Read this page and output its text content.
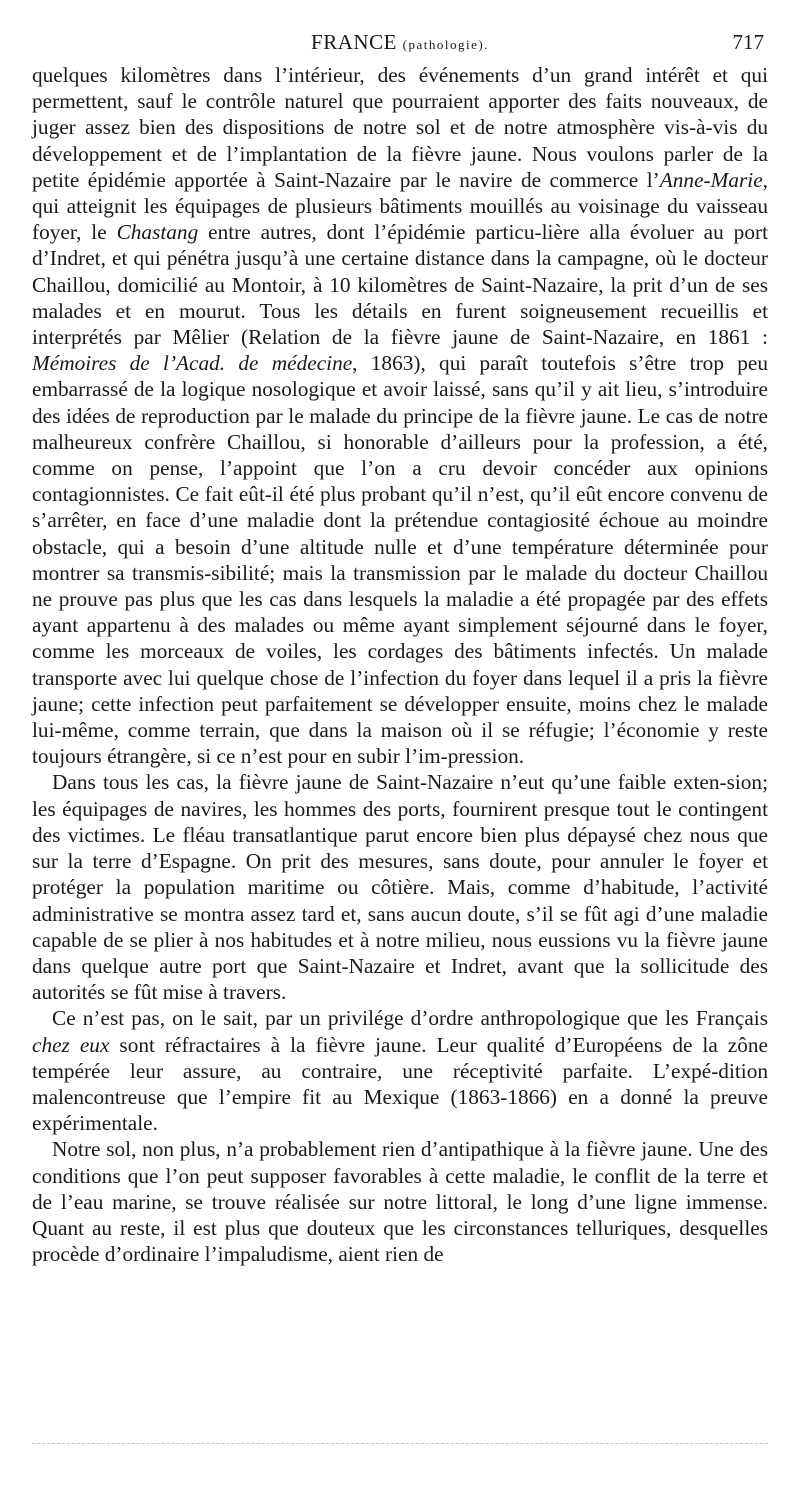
FRANCE (pathologie).	717

quelques kilomètres dans l’intérieur, des événements d’un grand intérêt et qui permettent, sauf le contrôle naturel que pourraient apporter des faits nouveaux, de juger assez bien des dispositions de notre sol et de notre atmosphère vis-à-vis du développement et de l’implantation de la fièvre jaune. Nous voulons parler de la petite épidémie apportée à Saint-Nazaire par le navire de commerce l’Anne-Marie, qui atteignit les équipages de plusieurs bâtiments mouillés au voisinage du vaisseau foyer, le Chastang entre autres, dont l’épidémie particu-lière alla évoluer au port d’Indret, et qui pénétra jusqu’à une certaine distance dans la campagne, où le docteur Chaillou, domicilié au Montoir, à 10 kilomètres de Saint-Nazaire, la prit d’un de ses malades et en mourut. Tous les détails en furent soigneusement recueillis et interprétés par Mêlier (Relation de la fièvre jaune de Saint-Nazaire, en 1861 : Mémoires de l’Acad. de médecine, 1863), qui paraît toutefois s’être trop peu embarrassé de la logique nosologique et avoir laissé, sans qu’il y ait lieu, s’introduire des idées de reproduction par le malade du principe de la fièvre jaune. Le cas de notre malheureux confrère Chaillou, si honorable d’ailleurs pour la profession, a été, comme on pense, l’appoint que l’on a cru devoir concéder aux opinions contagionnistes. Ce fait eût-il été plus probant qu’il n’est, qu’il eût encore convenu de s’arrêter, en face d’une maladie dont la prétendue contagiosité échoue au moindre obstacle, qui a besoin d’une altitude nulle et d’une température déterminée pour montrer sa transmis-sibilité; mais la transmission par le malade du docteur Chaillou ne prouve pas plus que les cas dans lesquels la maladie a été propagée par des effets ayant appartenu à des malades ou même ayant simplement séjourné dans le foyer, comme les morceaux de voiles, les cordages des bâtiments infectés. Un malade transporte avec lui quelque chose de l’infection du foyer dans lequel il a pris la fièvre jaune; cette infection peut parfaitement se développer ensuite, moins chez le malade lui-même, comme terrain, que dans la maison où il se réfugie; l’économie y reste toujours étrangère, si ce n’est pour en subir l’im-pression.

Dans tous les cas, la fièvre jaune de Saint-Nazaire n’eut qu’une faible exten-sion; les équipages de navires, les hommes des ports, fournirent presque tout le contingent des victimes. Le fléau transatlantique parut encore bien plus dépaysé chez nous que sur la terre d’Espagne. On prit des mesures, sans doute, pour annuler le foyer et protéger la population maritime ou côtière. Mais, comme d’habitude, l’activité administrative se montra assez tard et, sans aucun doute, s’il se fût agi d’une maladie capable de se plier à nos habitudes et à notre milieu, nous eussions vu la fièvre jaune dans quelque autre port que Saint-Nazaire et Indret, avant que la sollicitude des autorités se fût mise à travers.

Ce n’est pas, on le sait, par un privilége d’ordre anthropologique que les Français chez eux sont réfractaires à la fièvre jaune. Leur qualité d’Européens de la zône tempérée leur assure, au contraire, une réceptivité parfaite. L’expé-dition malencontreuse que l’empire fit au Mexique (1863-1866) en a donné la preuve expérimentale.

Notre sol, non plus, n’a probablement rien d’antipathique à la fièvre jaune. Une des conditions que l’on peut supposer favorables à cette maladie, le conflit de la terre et de l’eau marine, se trouve réalisée sur notre littoral, le long d’une ligne immense. Quant au reste, il est plus que douteux que les circonstances telluriques, desquelles procède d’ordinaire l’impaludisme, aient rien de
